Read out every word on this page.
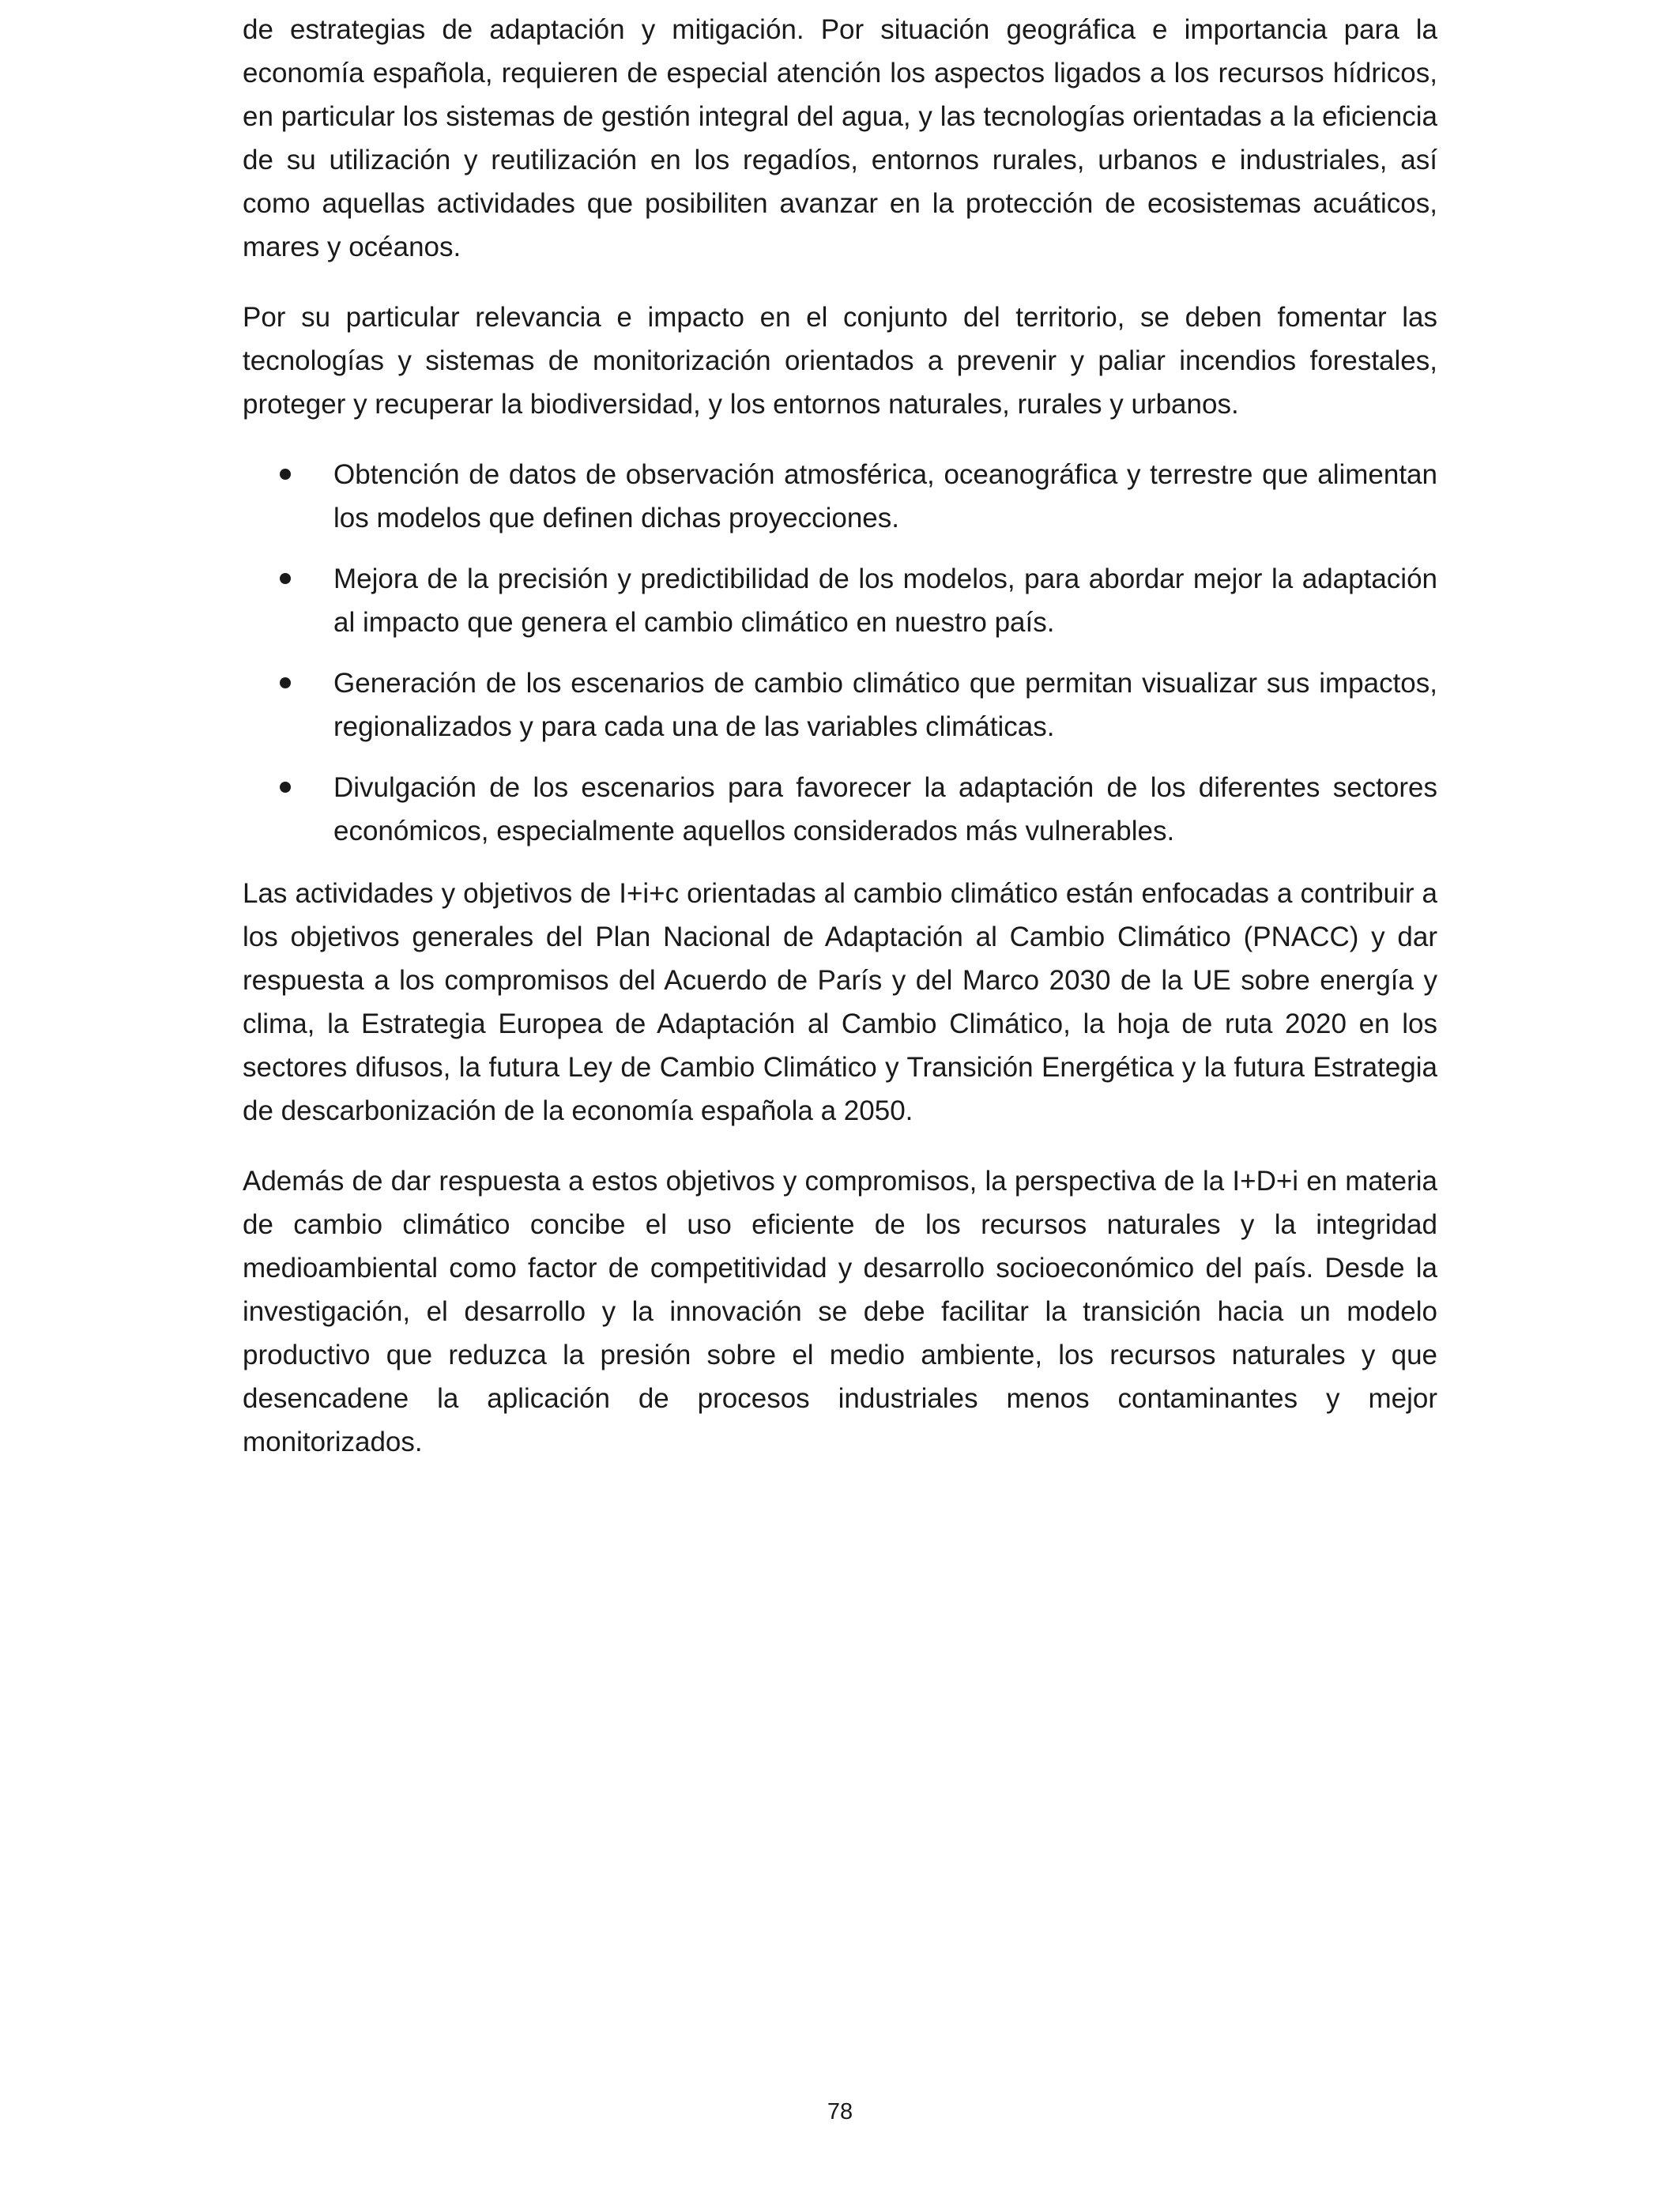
de estrategias de adaptación y mitigación. Por situación geográfica e importancia para la economía española, requieren de especial atención los aspectos ligados a los recursos hídricos, en particular los sistemas de gestión integral del agua, y las tecnologías orientadas a la eficiencia de su utilización y reutilización en los regadíos, entornos rurales, urbanos e industriales, así como aquellas actividades que posibiliten avanzar en la protección de ecosistemas acuáticos, mares y océanos.

Por su particular relevancia e impacto en el conjunto del territorio, se deben fomentar las tecnologías y sistemas de monitorización orientados a prevenir y paliar incendios forestales, proteger y recuperar la biodiversidad, y los entornos naturales, rurales y urbanos.

Obtención de datos de observación atmosférica, oceanográfica y terrestre que alimentan los modelos que definen dichas proyecciones.
Mejora de la precisión y predictibilidad de los modelos, para abordar mejor la adaptación al impacto que genera el cambio climático en nuestro país.
Generación de los escenarios de cambio climático que permitan visualizar sus impactos, regionalizados y para cada una de las variables climáticas.
Divulgación de los escenarios para favorecer la adaptación de los diferentes sectores económicos, especialmente aquellos considerados más vulnerables.

Las actividades y objetivos de I+i+c orientadas al cambio climático están enfocadas a contribuir a los objetivos generales del Plan Nacional de Adaptación al Cambio Climático (PNACC) y dar respuesta a los compromisos del Acuerdo de París y del Marco 2030 de la UE sobre energía y clima, la Estrategia Europea de Adaptación al Cambio Climático, la hoja de ruta 2020 en los sectores difusos, la futura Ley de Cambio Climático y Transición Energética y la futura Estrategia de descarbonización de la economía española a 2050.

Además de dar respuesta a estos objetivos y compromisos, la perspectiva de la I+D+i en materia de cambio climático concibe el uso eficiente de los recursos naturales y la integridad medioambiental como factor de competitividad y desarrollo socioeconómico del país. Desde la investigación, el desarrollo y la innovación se debe facilitar la transición hacia un modelo productivo que reduzca la presión sobre el medio ambiente, los recursos naturales y que desencadene la aplicación de procesos industriales menos contaminantes y mejor monitorizados.

78
